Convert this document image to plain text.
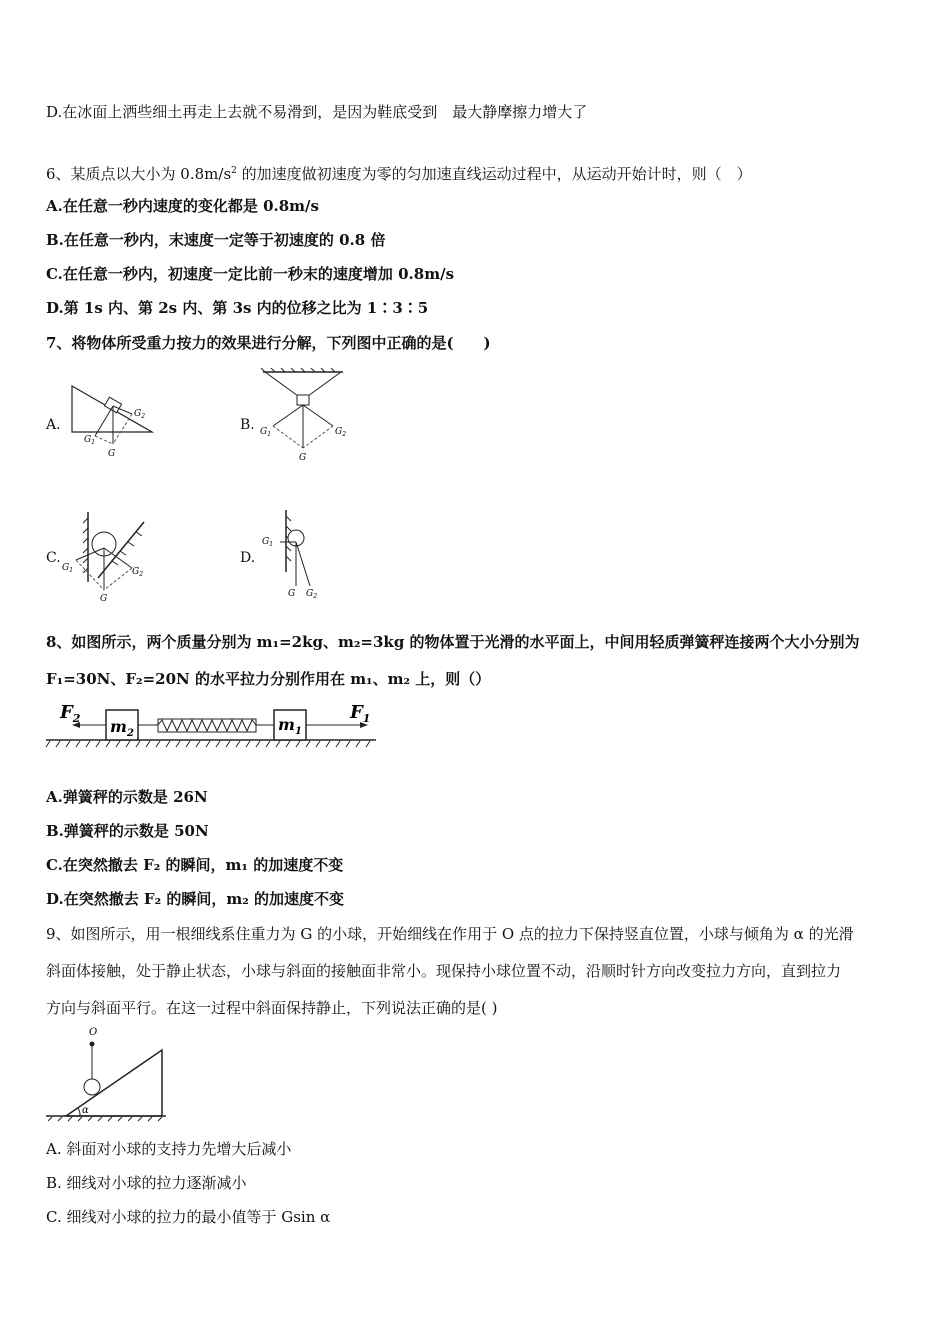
D.在冰面上洒些细土再走上去就不易滑到，是因为鞋底受到　最大静摩擦力增大了
6、某质点以大小为 $0.8m/s^2$ 的加速度做初速度为零的匀加速直线运动过程中，从运动开始计时，则（　）
A.在任意一秒内速度的变化都是 0.8m/s
B.在任意一秒内，末速度一定等于初速度的 0.8 倍
C.在任意一秒内，初速度一定比前一秒末的速度增加 0.8m/s
D.第 1s 内、第 2s 内、第 3s 内的位移之比为 1∶3∶5
7、将物体所受重力按力的效果进行分解，下列图中正确的是(　　)
A.
$G_2$
$G_1$
G
B. $G_1$	$G_2$
G
C.
$G_1$	$G_2$
G
D.
$G_1$
G $G_2$
8、如图所示，两个质量分别为 m₁=2kg、m₂=3kg 的物体置于光滑的水平面上，中间用轻质弹簧秤连接两个大小分别为
F₁=30N、F₂=20N 的水平拉力分别作用在 m₁、m₂ 上，则（）
$F_2$ $m_2$	$m_1$
$F_1$
A.弹簧秤的示数是 26N
B.弹簧秤的示数是 50N
C.在突然撤去 F₂ 的瞬间，m₁ 的加速度不变
D.在突然撤去 F₂ 的瞬间，m₂ 的加速度不变
9、如图所示，用一根细线系住重力为 G 的小球，开始细线在作用于 O 点的拉力下保持竖直位置，小球与倾角为 α 的光滑
斜面体接触，处于静止状态，小球与斜面的接触面非常小。现保持小球位置不动，沿顺时针方向改变拉力方向，直到拉力
方向与斜面平行。在这一过程中斜面保持静止，下列说法正确的是( )
O
α
A. 斜面对小球的支持力先增大后减小
B. 细线对小球的拉力逐渐减小
C. 细线对小球的拉力的最小值等于 Gsin α
